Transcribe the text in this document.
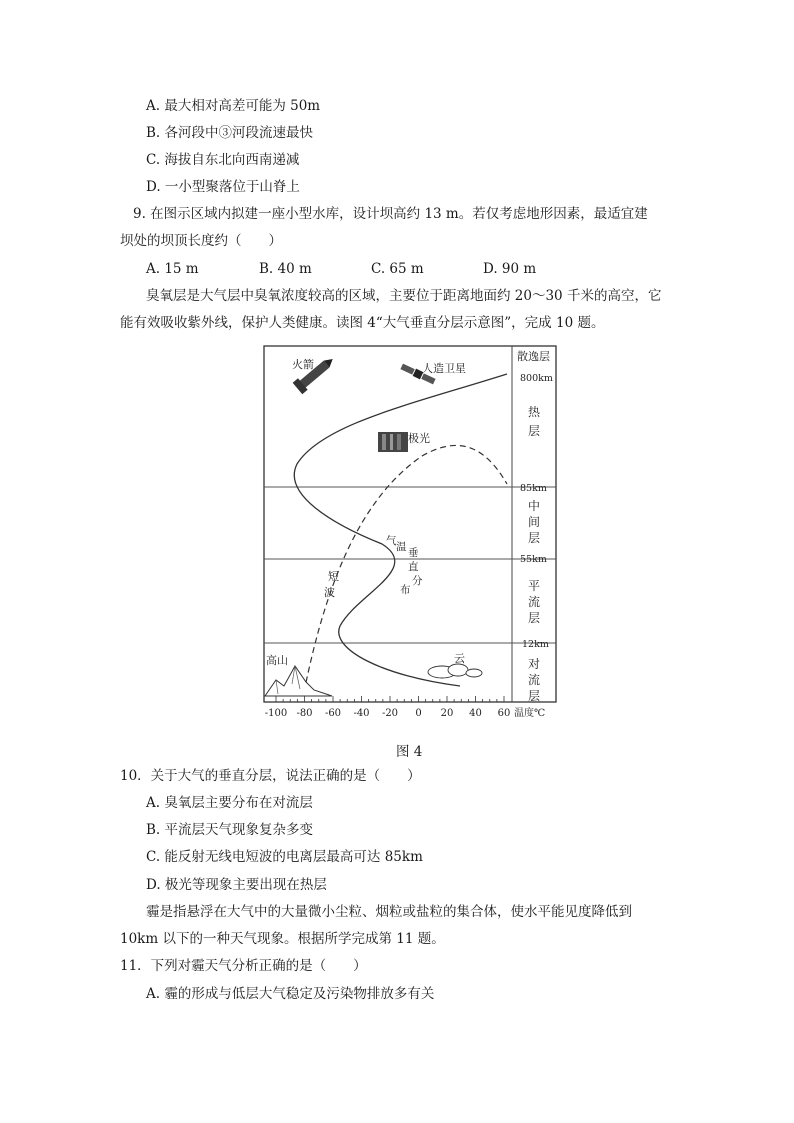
A. 最大相对高差可能为 50m
B. 各河段中③河段流速最快
C. 海拔自东北向西南递减
D. 一小型聚落位于山脊上
9. 在图示区域内拟建一座小型水库，设计坝高约 13 m。若仅考虑地形因素，最适宜建
坝处的坝顶长度约（　　）
A. 15 m	B. 40 m	C. 65 m	D. 90 m
臭氧层是大气层中臭氧浓度较高的区域，主要位于距离地面约 20～30 千米的高空，它
能有效吸收紫外线，保护人类健康。读图 4“大气垂直分层示意图”，完成 10 题。
800km
85km
55km
12km
散逸层
热
层
中
间
层
平
流
层
对
流
层
气 温 垂
直
分
布
短
波
火箭	人造卫星
极光
高山	云
-100 -80 -60 -40 -20 0 20 40 60 温度℃
图 4
10．关于大气的垂直分层，说法正确的是（　　）
A. 臭氧层主要分布在对流层
B. 平流层天气现象复杂多变
C. 能反射无线电短波的电离层最高可达 85km
D. 极光等现象主要出现在热层
霾是指悬浮在大气中的大量微小尘粒、烟粒或盐粒的集合体，使水平能见度降低到
10km 以下的一种天气现象。根据所学完成第 11 题。
11．下列对霾天气分析正确的是（　　）
A. 霾的形成与低层大气稳定及污染物排放多有关
